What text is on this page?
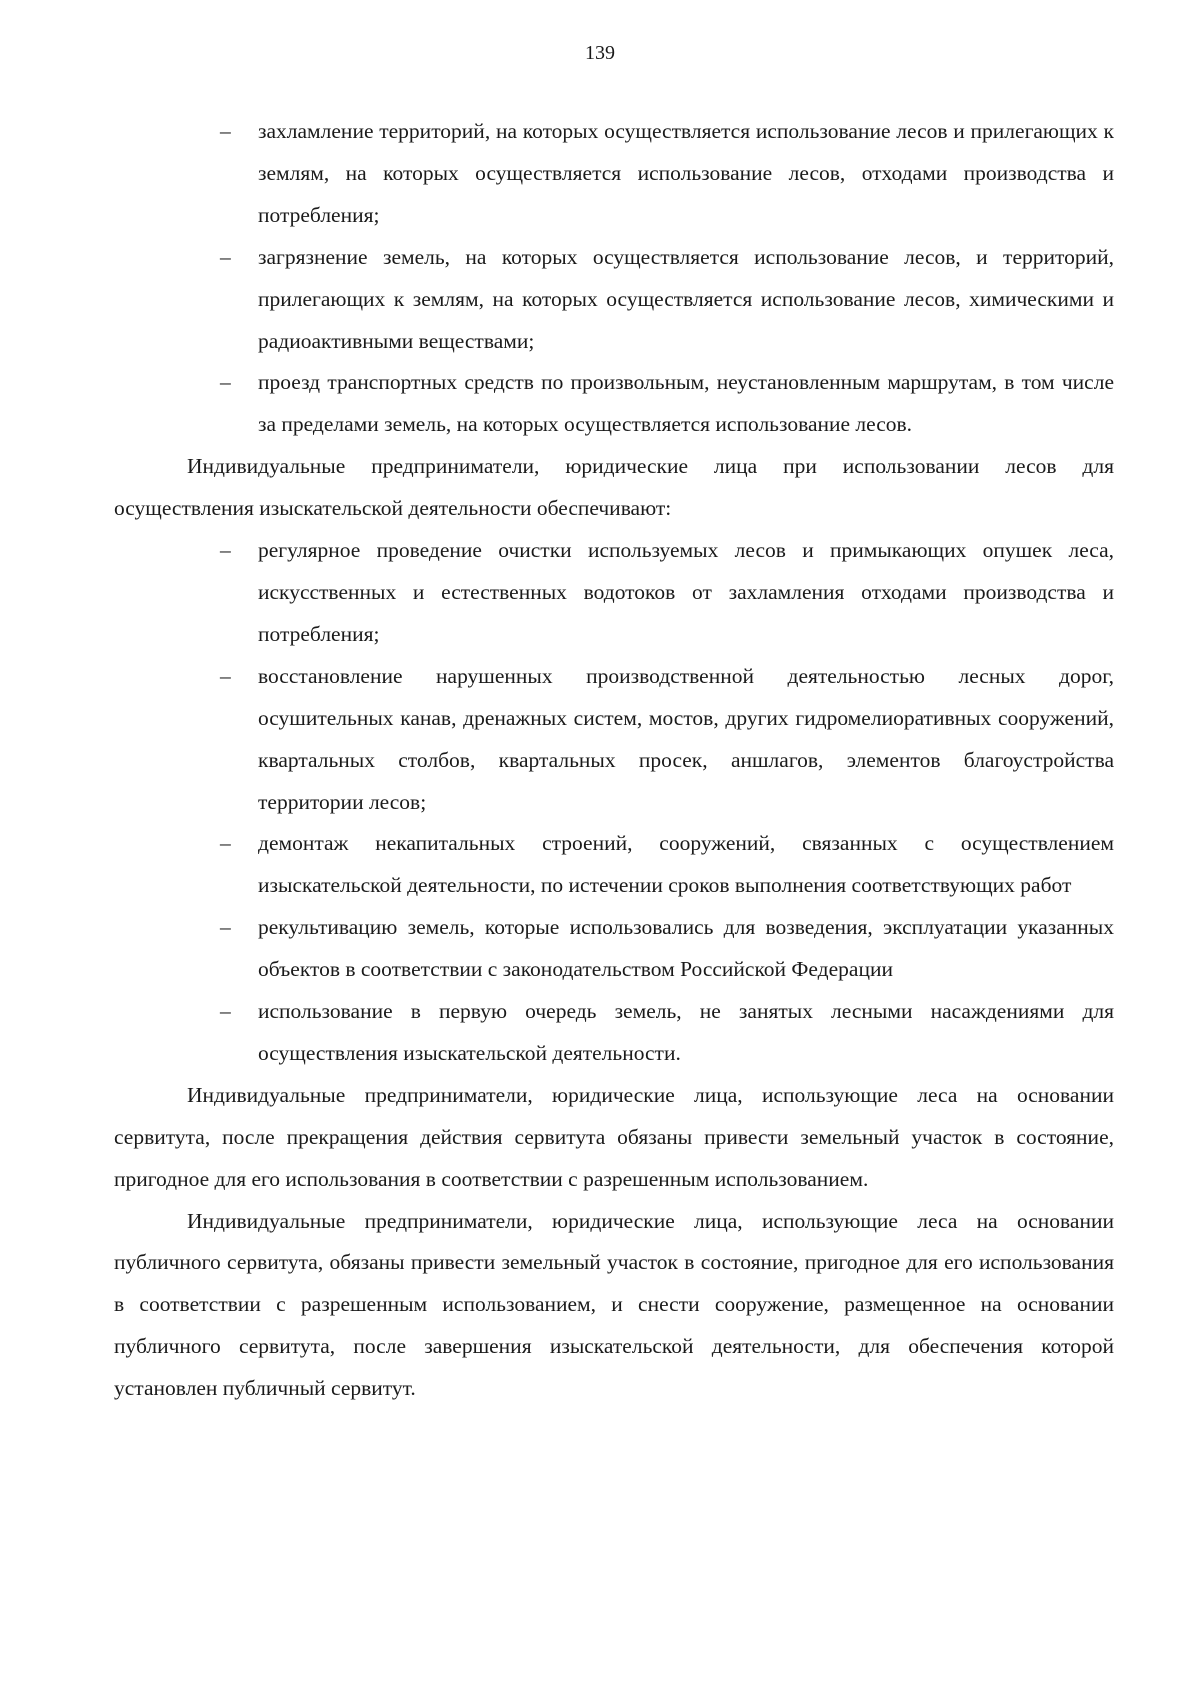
139
– захламление территорий, на которых осуществляется использование лесов и прилегающих к землям, на которых осуществляется использование лесов, отходами производства и потребления;
– загрязнение земель, на которых осуществляется использование лесов, и территорий, прилегающих к землям, на которых осуществляется использование лесов, химическими и радиоактивными веществами;
– проезд транспортных средств по произвольным, неустановленным маршрутам, в том числе за пределами земель, на которых осуществляется использование лесов.
Индивидуальные предприниматели, юридические лица при использовании лесов для осуществления изыскательской деятельности обеспечивают:
– регулярное проведение очистки используемых лесов и примыкающих опушек леса, искусственных и естественных водотоков от захламления отходами производства и потребления;
– восстановление нарушенных производственной деятельностью лесных дорог, осушительных канав, дренажных систем, мостов, других гидромелиоративных сооружений, квартальных столбов, квартальных просек, аншлагов, элементов благоустройства территории лесов;
– демонтаж некапитальных строений, сооружений, связанных с осуществлением изыскательской деятельности, по истечении сроков выполнения соответствующих работ
– рекультивацию земель, которые использовались для возведения, эксплуатации указанных объектов в соответствии с законодательством Российской Федерации
– использование в первую очередь земель, не занятых лесными насаждениями для осуществления изыскательской деятельности.
Индивидуальные предприниматели, юридические лица, использующие леса на основании сервитута, после прекращения действия сервитута обязаны привести земельный участок в состояние, пригодное для его использования в соответствии с разрешенным использованием.
Индивидуальные предприниматели, юридические лица, использующие леса на основании публичного сервитута, обязаны привести земельный участок в состояние, пригодное для его использования в соответствии с разрешенным использованием, и снести сооружение, размещенное на основании публичного сервитута, после завершения изыскательской деятельности, для обеспечения которой установлен публичный сервитут.
